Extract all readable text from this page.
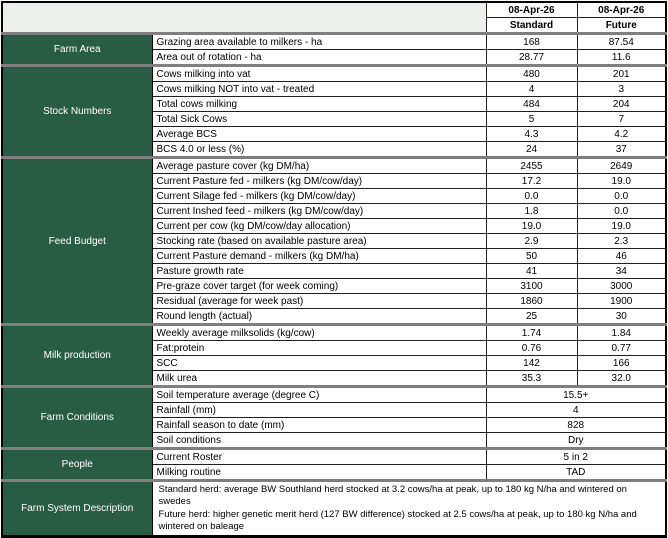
		08-Apr-26	08-Apr-26
		Standard	Future
Farm Area	Grazing area available to milkers - ha	168	87.54
	Area out of rotation - ha	28.77	11.6
Stock Numbers	Cows milking into vat	480	201
	Cows milking NOT into vat - treated	4	3
	Total cows milking	484	204
	Total Sick Cows	5	7
	Average BCS	4.3	4.2
	BCS 4.0 or less (%)	24	37
Feed Budget	Average pasture cover (kg DM/ha)	2455	2649
	Current Pasture fed - milkers (kg DM/cow/day)	17.2	19.0
	Current Silage fed - milkers (kg DM/cow/day)	0.0	0.0
	Current Inshed feed - milkers (kg DM/cow/day)	1.8	0.0
	Current per cow (kg DM/cow/day allocation)	19.0	19.0
	Stocking rate (based on available pasture area)	2.9	2.3
	Current Pasture demand - milkers (kg DM/ha)	50	46
	Pasture growth rate	41	34
	Pre-graze cover target (for week coming)	3100	3000
	Residual (average for week past)	1860	1900
	Round length (actual)	25	30
Milk production	Weekly average milksolids (kg/cow)	1.74	1.84
	Fat:protein	0.76	0.77
	SCC	142	166
	Milk urea	35.3	32.0
Farm Conditions	Soil temperature average (degree C)	15.5+	
	Rainfall (mm)	4	
	Rainfall season to date (mm)	828	
	Soil conditions	Dry	
People	Current Roster	5 in 2	
	Milking routine	TAD	
Farm System Description	Standard herd: average BW Southland herd stocked at 3.2 cows/ha at peak, up to 180 kg N/ha and wintered on swedes
Future herd: higher genetic merit herd (127 BW difference) stocked at 2.5 cows/ha at peak, up to 180 kg N/ha and wintered on baleage		
